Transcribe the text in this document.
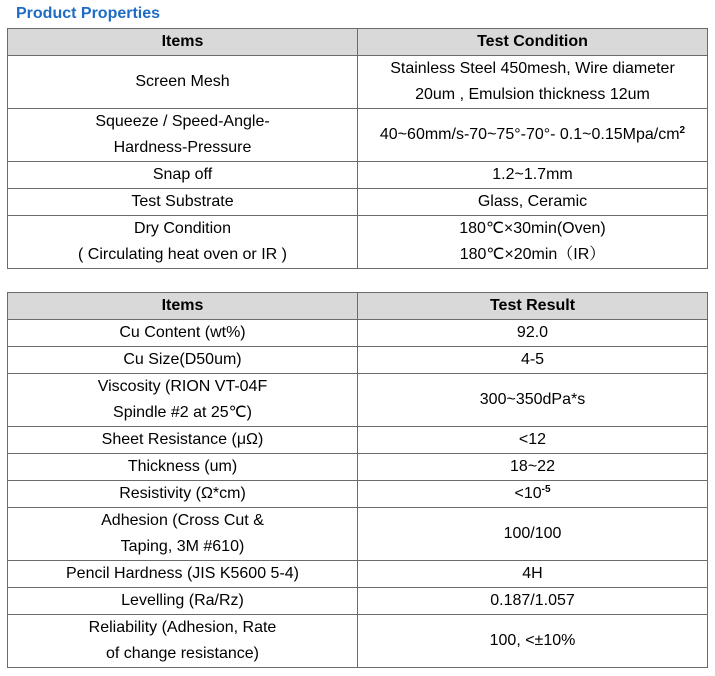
Product Properties
Items	Test Condition

Screen Mesh	Stainless Steel 450mesh, Wire diameter
20um , Emulsion thickness 12um

Squeeze / Speed-Angle-
Hardness-Pressure	40~60mm/s-70~75°-70°- $0.1\sim 0.15Mpa/cm^2$

Snap off	1.2~1.7mm

Test Substrate	Glass, Ceramic

Dry Condition
( Circulating heat oven or IR )	180℃×30min(Oven)
180℃×20min（IR）
Items	Test Result

Cu Content (wt%)	92.0

Cu Size(D50um)	4-5

Viscosity (RION VT-04F
Spindle #2 at 25℃)	300~350dPa*s

Sheet Resistance (μΩ)	<12

Thickness (um)	18~22

Resistivity (Ω*cm)	$<10^{-5}$

Adhesion (Cross Cut &
Taping, 3M #610)	100/100

Pencil Hardness (JIS K5600 5-4)	4H

Levelling (Ra/Rz)	0.187/1.057

Reliability (Adhesion, Rate
of change resistance)	100, <±10%
